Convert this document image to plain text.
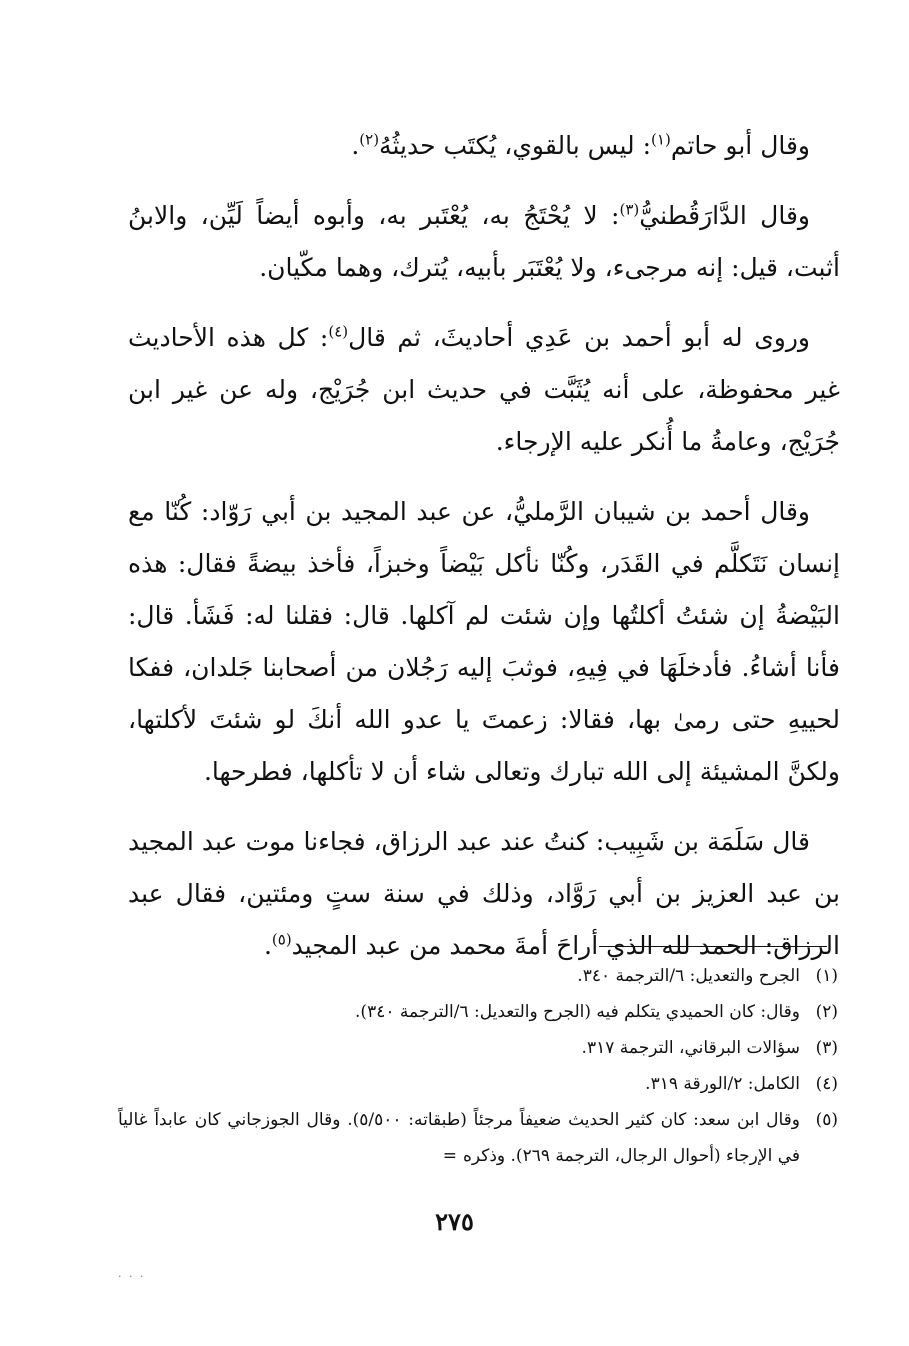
وقال أبو حاتم$^{(١)}$: ليس بالقوي، يُكتَب حديثُهُ$^{(٢)}$.

وقال الدَّارَقُطنيُّ$^{(٣)}$: لا يُحْتَجُ به، يُعْتَبر به، وأبوه أيضاً لَيِّن، والابنُ أثبت، قيل: إنه مرجىء، ولا يُعْتَبَر بأبيه، يُترك، وهما مكّيان.

وروى له أبو أحمد بن عَدِي أحاديثَ، ثم قال$^{(٤)}$: كل هذه الأحاديث غير محفوظة، على أنه يُثَبَّت في حديث ابن جُرَيْج، وله عن غير ابن جُرَيْج، وعامةُ ما أُنكر عليه الإرجاء.

وقال أحمد بن شيبان الرَّمليُّ، عن عبد المجيد بن أبي رَوّاد: كُنّا مع إنسان نَتَكلَّم في القَدَر، وكُنّا نأكل بَيْضاً وخبزاً، فأخذ بيضةً فقال: هذه البَيْضةُ إن شئتُ أكلتُها وإن شئت لم آكلها. قال: فقلنا له: فَشَأ. قال: فأنا أشاءُ. فأدخلَهَا في فِيهِ، فوثبَ إليه رَجُلان من أصحابنا جَلدان، ففكا لحييهِ حتى رمىٰ بها، فقالا: زعمتَ يا عدو الله أنكَ لو شئتَ لأكلتها، ولكنَّ المشيئة إلى الله تبارك وتعالى شاء أن لا تأكلها، فطرحها.

قال سَلَمَة بن شَبِيب: كنتُ عند عبد الرزاق، فجاءنا موت عبد المجيد بن عبد العزيز بن أبي رَوَّاد، وذلك في سنة ستٍ ومئتين، فقال عبد الرزاق: الحمد لله الذي أراحَ أمةَ محمد من عبد المجيد$^{(٥)}$.

(١)
الجرح والتعديل: ٦/الترجمة ٣٤٠.
(٢)
وقال: كان الحميدي يتكلم فيه (الجرح والتعديل: ٦/الترجمة ٣٤٠).
(٣)
سؤالات البرقاني، الترجمة ٣١٧.
(٤)
الكامل: ٢/الورقة ٣١٩.
(٥)
وقال ابن سعد: كان كثير الحديث ضعيفاً مرجئاً (طبقاته: ٥/٥٠٠). وقال الجوزجاني كان عابداً غالياً في الإرجاء (أحوال الرجال، الترجمة ٢٦٩). وذكره=
٢٧٥
· · ·
